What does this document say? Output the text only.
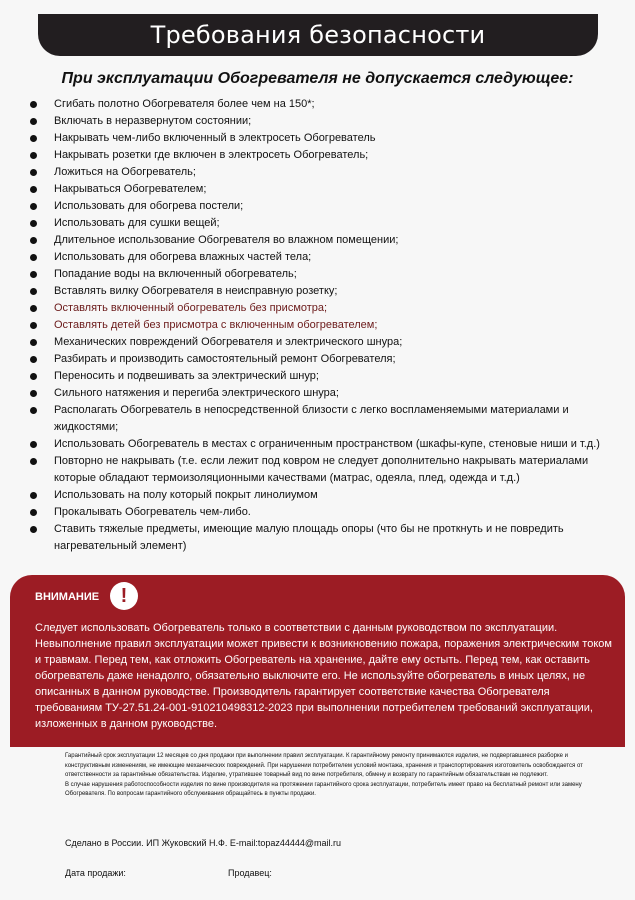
Требования безопасности
При эксплуатации Обогревателя не допускается следующее:
Сгибать полотно Обогревателя более чем на 150*;
Включать в неразвернутом состоянии;
Накрывать чем-либо включенный в электросеть Обогреватель
Накрывать розетки где включен в электросеть Обогреватель;
Ложиться на Обогреватель;
Накрываться Обогревателем;
Использовать для обогрева постели;
Использовать для сушки вещей;
Длительное использование Обогревателя во влажном помещении;
Использовать для обогрева влажных частей тела;
Попадание воды на включенный обогреватель;
Вставлять вилку Обогревателя в неисправную розетку;
Оставлять включенный обогреватель без присмотра;
Оставлять детей без присмотра с включенным обогревателем;
Механических повреждений Обогревателя и электрического шнура;
Разбирать и производить самостоятельный ремонт Обогревателя;
Переносить и подвешивать за электрический шнур;
Сильного натяжения и перегиба электрического шнура;
Располагать Обогреватель в непосредственной близости с легко воспламеняемыми материалами и жидкостями;
Использовать Обогреватель в местах с ограниченным пространством (шкафы-купе, стеновые ниши и т.д.)
Повторно не накрывать (т.е. если лежит под ковром не следует дополнительно накрывать материалами которые обладают термоизоляционными качествами (матрас, одеяла, плед, одежда и т.д.)
Использовать на полу который покрыт линолиумом
Прокалывать Обогреватель чем-либо.
Ставить тяжелые предметы, имеющие малую площадь опоры (что бы не проткнуть и не повредить нагревательный элемент)
ВНИМАНИЕ	!
Следует использовать Обогреватель только в соответствии с данным руководством по эксплуатации. Невыполнение правил эксплуатации может привести к возникновению пожара, поражения электрическим током и травмам. Перед тем, как отложить Обогреватель на хранение, дайте ему остыть. Перед тем, как оставить обогреватель даже ненадолго, обязательно выключите его. Не используйте обогреватель в иных целях, не описанных в данном руководстве. Производитель гарантирует соответствие качества Обогревателя требованиям ТУ-27.51.24-001-910210498312-2023 при выполнении потребителем требований эксплуатации, изложенных в данном руководстве.
Гарантийный срок эксплуатации 12 месяцев со дня продажи при выполнении правил эксплуатации. К гарантийному ремонту принимаются изделия, не подвергавшиеся разборке и конструктивным изменениям, не имеющие механических повреждений. При нарушении потребителем условий монтажа, хранения и транспортирования изготовитель освобождается от ответственности за гарантийные обязательства. Изделие, утратившее товарный вид по вине потребителя, обмену и возврату по гарантийным обязательствам не подлежит.
В случае нарушения работоспособности изделия по вине производителя на протяжении гарантийного срока эксплуатации, потребитель имеет право на бесплатный ремонт или замену Обогревателя. По вопросам гарантийного обслуживания обращайтесь в пункты продажи.
Сделано в России. ИП Жуковский Н.Ф. E-mail:topaz44444@mail.ru
Дата продажи:	Продавец:
